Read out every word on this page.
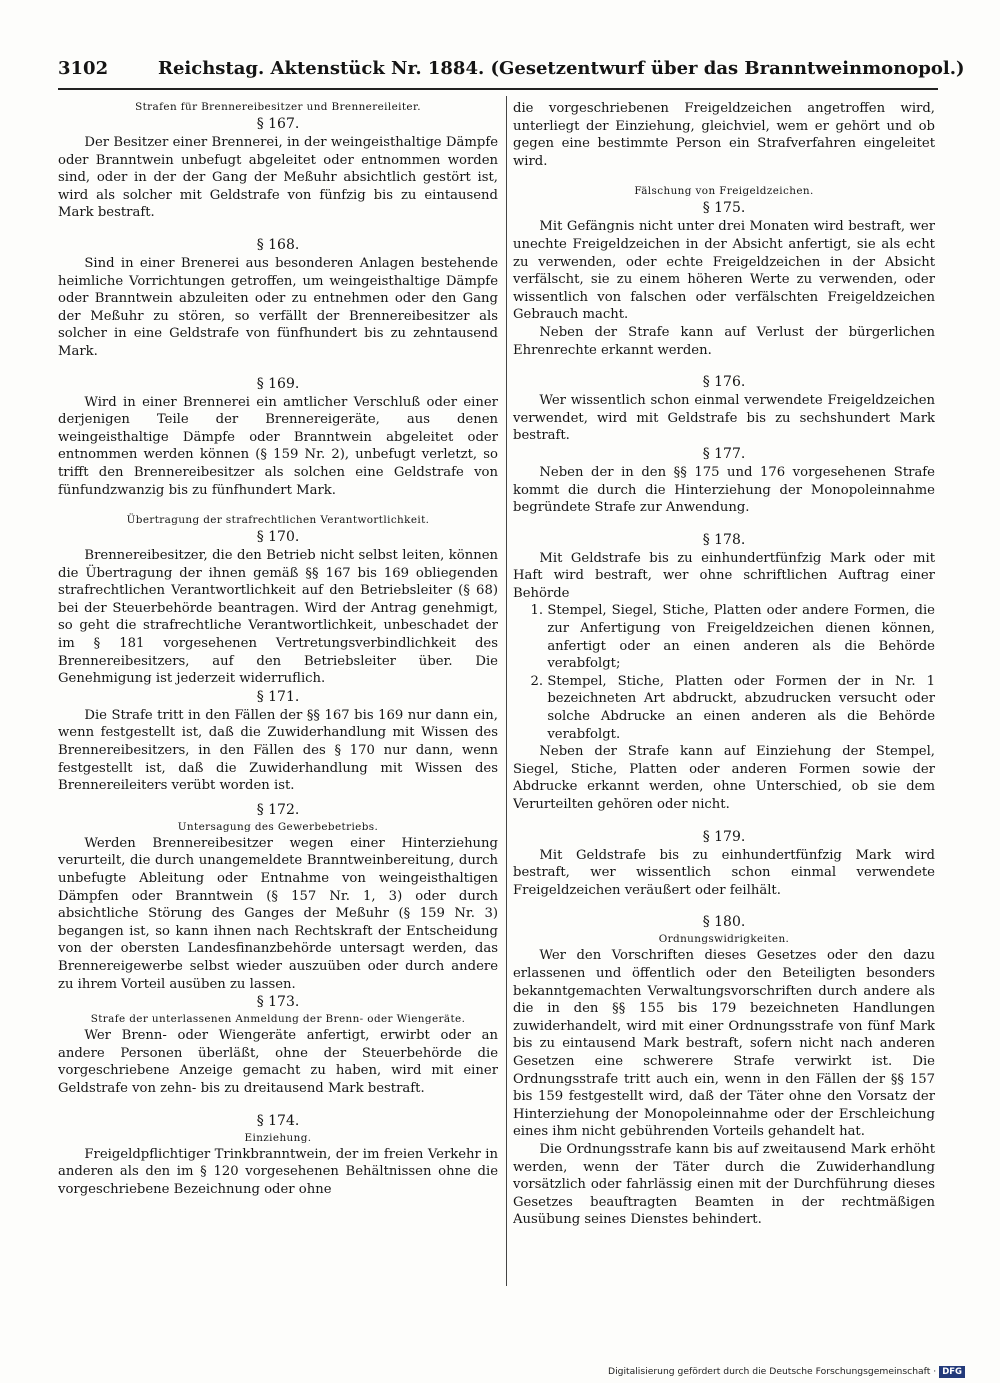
3102	Reichstag. Aktenstück Nr. 1884. (Gesetzentwurf über das Branntweinmonopol.)
Strafen für Brennereibesitzer und Brennereileiter.
§ 167.

Der Besitzer einer Brennerei, in der weingeisthaltige Dämpfe oder Branntwein unbefugt abgeleitet oder entnommen worden sind, oder in der der Gang der Meßuhr absichtlich gestört ist, wird als solcher mit Geldstrafe von fünfzig bis zu eintausend Mark bestraft.

§ 168.

Sind in einer Brenerei aus besonderen Anlagen bestehende heimliche Vorrichtungen getroffen, um weingeisthaltige Dämpfe oder Branntwein abzuleiten oder zu entnehmen oder den Gang der Meßuhr zu stören, so verfällt der Brennereibesitzer als solcher in eine Geldstrafe von fünfhundert bis zu zehntausend Mark.

§ 169.

Wird in einer Brennerei ein amtlicher Verschluß oder einer derjenigen Teile der Brennereigeräte, aus denen weingeisthaltige Dämpfe oder Branntwein abgeleitet oder entnommen werden können (§ 159 Nr. 2), unbefugt verletzt, so trifft den Brennereibesitzer als solchen eine Geldstrafe von fünfundzwanzig bis zu fünfhundert Mark.

Übertragung der strafrechtlichen Verantwortlichkeit.
§ 170.

Brennereibesitzer, die den Betrieb nicht selbst leiten, können die Übertragung der ihnen gemäß §§ 167 bis 169 obliegenden strafrechtlichen Verantwortlichkeit auf den Betriebsleiter (§ 68) bei der Steuerbehörde beantragen. Wird der Antrag genehmigt, so geht die strafrechtliche Verantwortlichkeit, unbeschadet der im § 181 vorgesehenen Vertretungsverbindlichkeit des Brennereibesitzers, auf den Betriebsleiter über. Die Genehmigung ist jederzeit widerruflich.

§ 171.

Die Strafe tritt in den Fällen der §§ 167 bis 169 nur dann ein, wenn festgestellt ist, daß die Zuwiderhandlung mit Wissen des Brennereibesitzers, in den Fällen des § 170 nur dann, wenn festgestellt ist, daß die Zuwiderhandlung mit Wissen des Brennereileiters verübt worden ist.

§ 172.
Untersagung des Gewerbebetriebs.

Werden Brennereibesitzer wegen einer Hinterziehung verurteilt, die durch unangemeldete Branntweinbereitung, durch unbefugte Ableitung oder Entnahme von weingeisthaltigen Dämpfen oder Branntwein (§ 157 Nr. 1, 3) oder durch absichtliche Störung des Ganges der Meßuhr (§ 159 Nr. 3) begangen ist, so kann ihnen nach Rechtskraft der Entscheidung von der obersten Landesfinanzbehörde untersagt werden, das Brennereigewerbe selbst wieder auszuüben oder durch andere zu ihrem Vorteil ausüben zu lassen.

§ 173.
Strafe der unterlassenen Anmeldung der Brenn- oder Wiengeräte.

Wer Brenn- oder Wiengeräte anfertigt, erwirbt oder an andere Personen überläßt, ohne der Steuerbehörde die vorgeschriebene Anzeige gemacht zu haben, wird mit einer Geldstrafe von zehn- bis zu dreitausend Mark bestraft.

§ 174.
Einziehung.

Freigeldpflichtiger Trinkbranntwein, der im freien Verkehr in anderen als den im § 120 vorgesehenen Behältnissen ohne die vorgeschriebene Bezeichnung oder ohne

die vorgeschriebenen Freigeldzeichen angetroffen wird, unterliegt der Einziehung, gleichviel, wem er gehört und ob gegen eine bestimmte Person ein Strafverfahren eingeleitet wird.

Fälschung von Freigeldzeichen.
§ 175.

Mit Gefängnis nicht unter drei Monaten wird bestraft, wer unechte Freigeldzeichen in der Absicht anfertigt, sie als echt zu verwenden, oder echte Freigeldzeichen in der Absicht verfälscht, sie zu einem höheren Werte zu verwenden, oder wissentlich von falschen oder verfälschten Freigeldzeichen Gebrauch macht.

Neben der Strafe kann auf Verlust der bürgerlichen Ehrenrechte erkannt werden.

§ 176.

Wer wissentlich schon einmal verwendete Freigeldzeichen verwendet, wird mit Geldstrafe bis zu sechshundert Mark bestraft.

§ 177.

Neben der in den §§ 175 und 176 vorgesehenen Strafe kommt die durch die Hinterziehung der Monopoleinnahme begründete Strafe zur Anwendung.

§ 178.

Mit Geldstrafe bis zu einhundertfünfzig Mark oder mit Haft wird bestraft, wer ohne schriftlichen Auftrag einer Behörde

1. Stempel, Siegel, Stiche, Platten oder andere Formen, die zur Anfertigung von Freigeldzeichen dienen können, anfertigt oder an einen anderen als die Behörde verabfolgt;
2. Stempel, Stiche, Platten oder Formen der in Nr. 1 bezeichneten Art abdruckt, abzudrucken versucht oder solche Abdrucke an einen anderen als die Behörde verabfolgt.

Neben der Strafe kann auf Einziehung der Stempel, Siegel, Stiche, Platten oder anderen Formen sowie der Abdrucke erkannt werden, ohne Unterschied, ob sie dem Verurteilten gehören oder nicht.

§ 179.

Mit Geldstrafe bis zu einhundertfünfzig Mark wird bestraft, wer wissentlich schon einmal verwendete Freigeldzeichen veräußert oder feilhält.

§ 180.
Ordnungswidrigkeiten.

Wer den Vorschriften dieses Gesetzes oder den dazu erlassenen und öffentlich oder den Beteiligten besonders bekanntgemachten Verwaltungsvorschriften durch andere als die in den §§ 155 bis 179 bezeichneten Handlungen zuwiderhandelt, wird mit einer Ordnungsstrafe von fünf Mark bis zu eintausend Mark bestraft, sofern nicht nach anderen Gesetzen eine schwerere Strafe verwirkt ist. Die Ordnungsstrafe tritt auch ein, wenn in den Fällen der §§ 157 bis 159 festgestellt wird, daß der Täter ohne den Vorsatz der Hinterziehung der Monopoleinnahme oder der Erschleichung eines ihm nicht gebührenden Vorteils gehandelt hat.

Die Ordnungsstrafe kann bis auf zweitausend Mark erhöht werden, wenn der Täter durch die Zuwiderhandlung vorsätzlich oder fahrlässig einen mit der Durchführung dieses Gesetzes beauftragten Beamten in der rechtmäßigen Ausübung seines Dienstes behindert.

Digitalisierung gefördert durch die Deutsche Forschungsgemeinschaft · DFG
